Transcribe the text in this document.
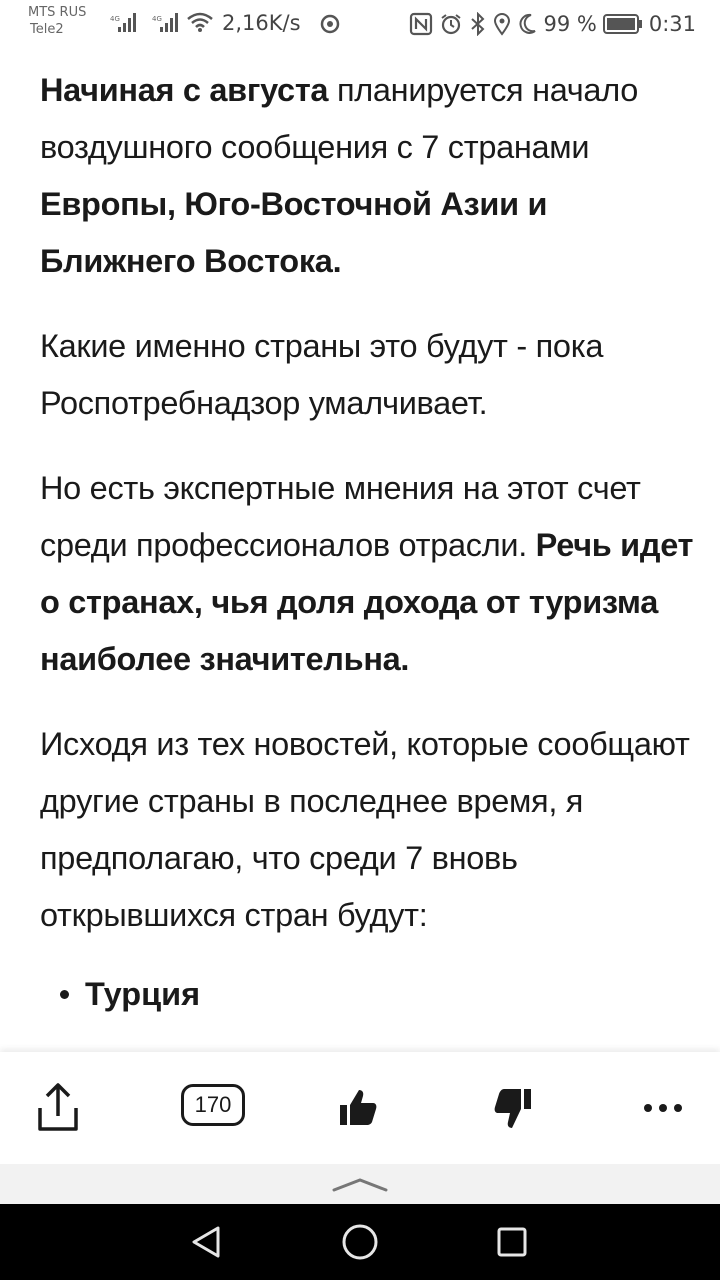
MTS RUS
Tele2
4G	4G	2,16K/s	99 % 0:31

Начиная с августа планируется начало воздушного сообщения с 7 странами Европы, Юго-Восточной Азии и Ближнего Востока.

Какие именно страны это будут - пока Роспотребнадзор умалчивает.

Но есть экспертные мнения на этот счет среди профессионалов отрасли. Речь идет о странах, чья доля дохода от туризма наиболее значительна.

Исходя из тех новостей, которые сообщают другие страны в последнее время, я предполагаю, что среди 7 вновь открывшихся стран будут:

Турция
170
